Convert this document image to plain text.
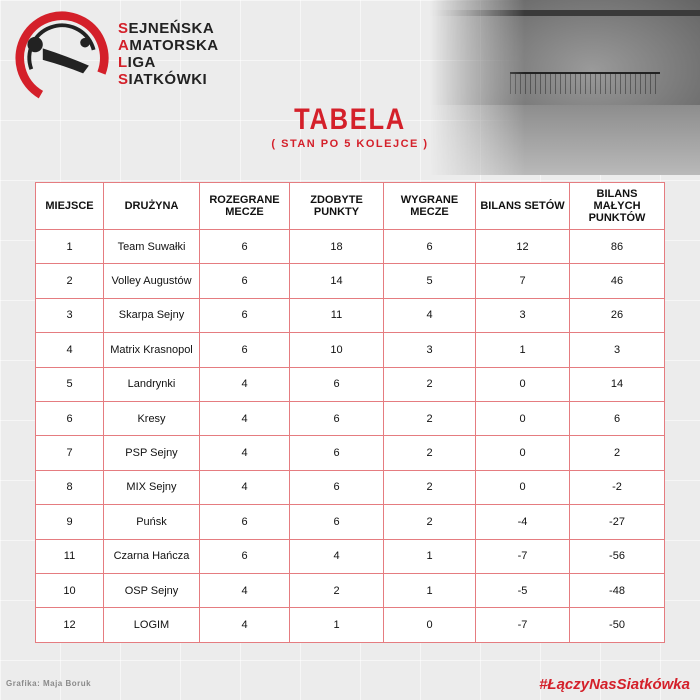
SEJNEŃSKA
AMATORSKA
LIGA
SIATKÓWKI
TABELA
( STAN PO 5 KOLEJCE )
MIEJSCE	DRUŻYNA	ROZEGRANE MECZE	ZDOBYTE PUNKTY	WYGRANE MECZE	BILANS SETÓW	BILANS MAŁYCH PUNKTÓW
1	Team Suwałki	6	18	6	12	86
2	Volley Augustów	6	14	5	7	46
3	Skarpa Sejny	6	11	4	3	26
4	Matrix Krasnopol	6	10	3	1	3
5	Landrynki	4	6	2	0	14
6	Kresy	4	6	2	0	6
7	PSP Sejny	4	6	2	0	2
8	MIX Sejny	4	6	2	0	-2
9	Puńsk	6	6	2	-4	-27
11	Czarna Hańcza	6	4	1	-7	-56
10	OSP Sejny	4	2	1	-5	-48
12	LOGIM	4	1	0	-7	-50
Grafika: Maja Boruk	#ŁączyNasSiatkówka
